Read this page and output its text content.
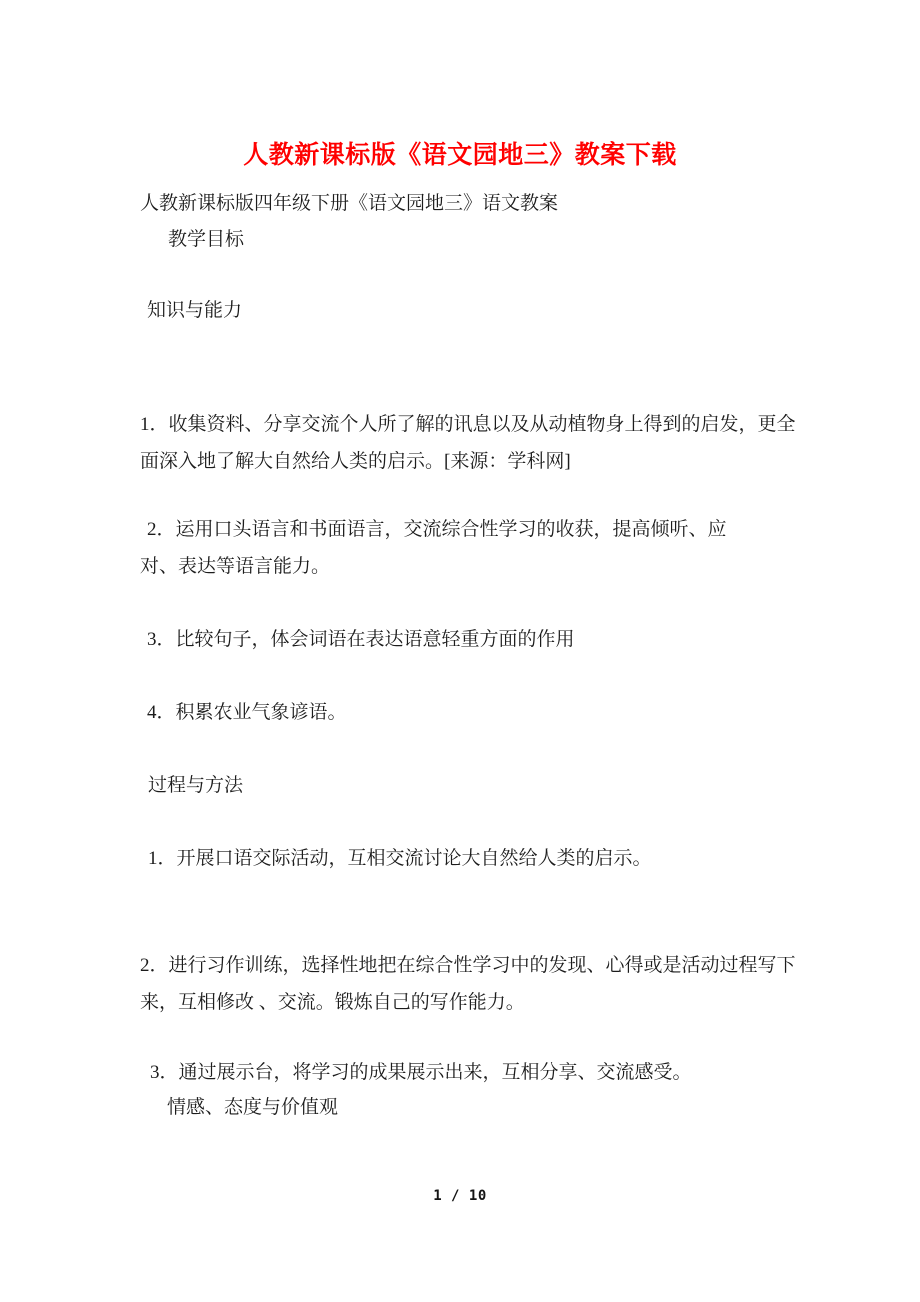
人教新课标版《语文园地三》教案下载
人教新课标版四年级下册《语文园地三》语文教案
教学目标
知识与能力
1．收集资料、分享交流个人所了解的讯息以及从动植物身上得到的启发，更全
面深入地了解大自然给人类的启示。[来源：学科网]
2．运用口头语言和书面语言，交流综合性学习的收获，提高倾听、应
对、表达等语言能力。
3．比较句子，体会词语在表达语意轻重方面的作用
4．积累农业气象谚语。
过程与方法
1．开展口语交际活动，互相交流讨论大自然给人类的启示。
2．进行习作训练，选择性地把在综合性学习中的发现、心得或是活动过程写下
来，互相修改 、交流。锻炼自己的写作能力。
3．通过展示台，将学习的成果展示出来，互相分享、交流感受。
情感、态度与价值观
1 / 10
